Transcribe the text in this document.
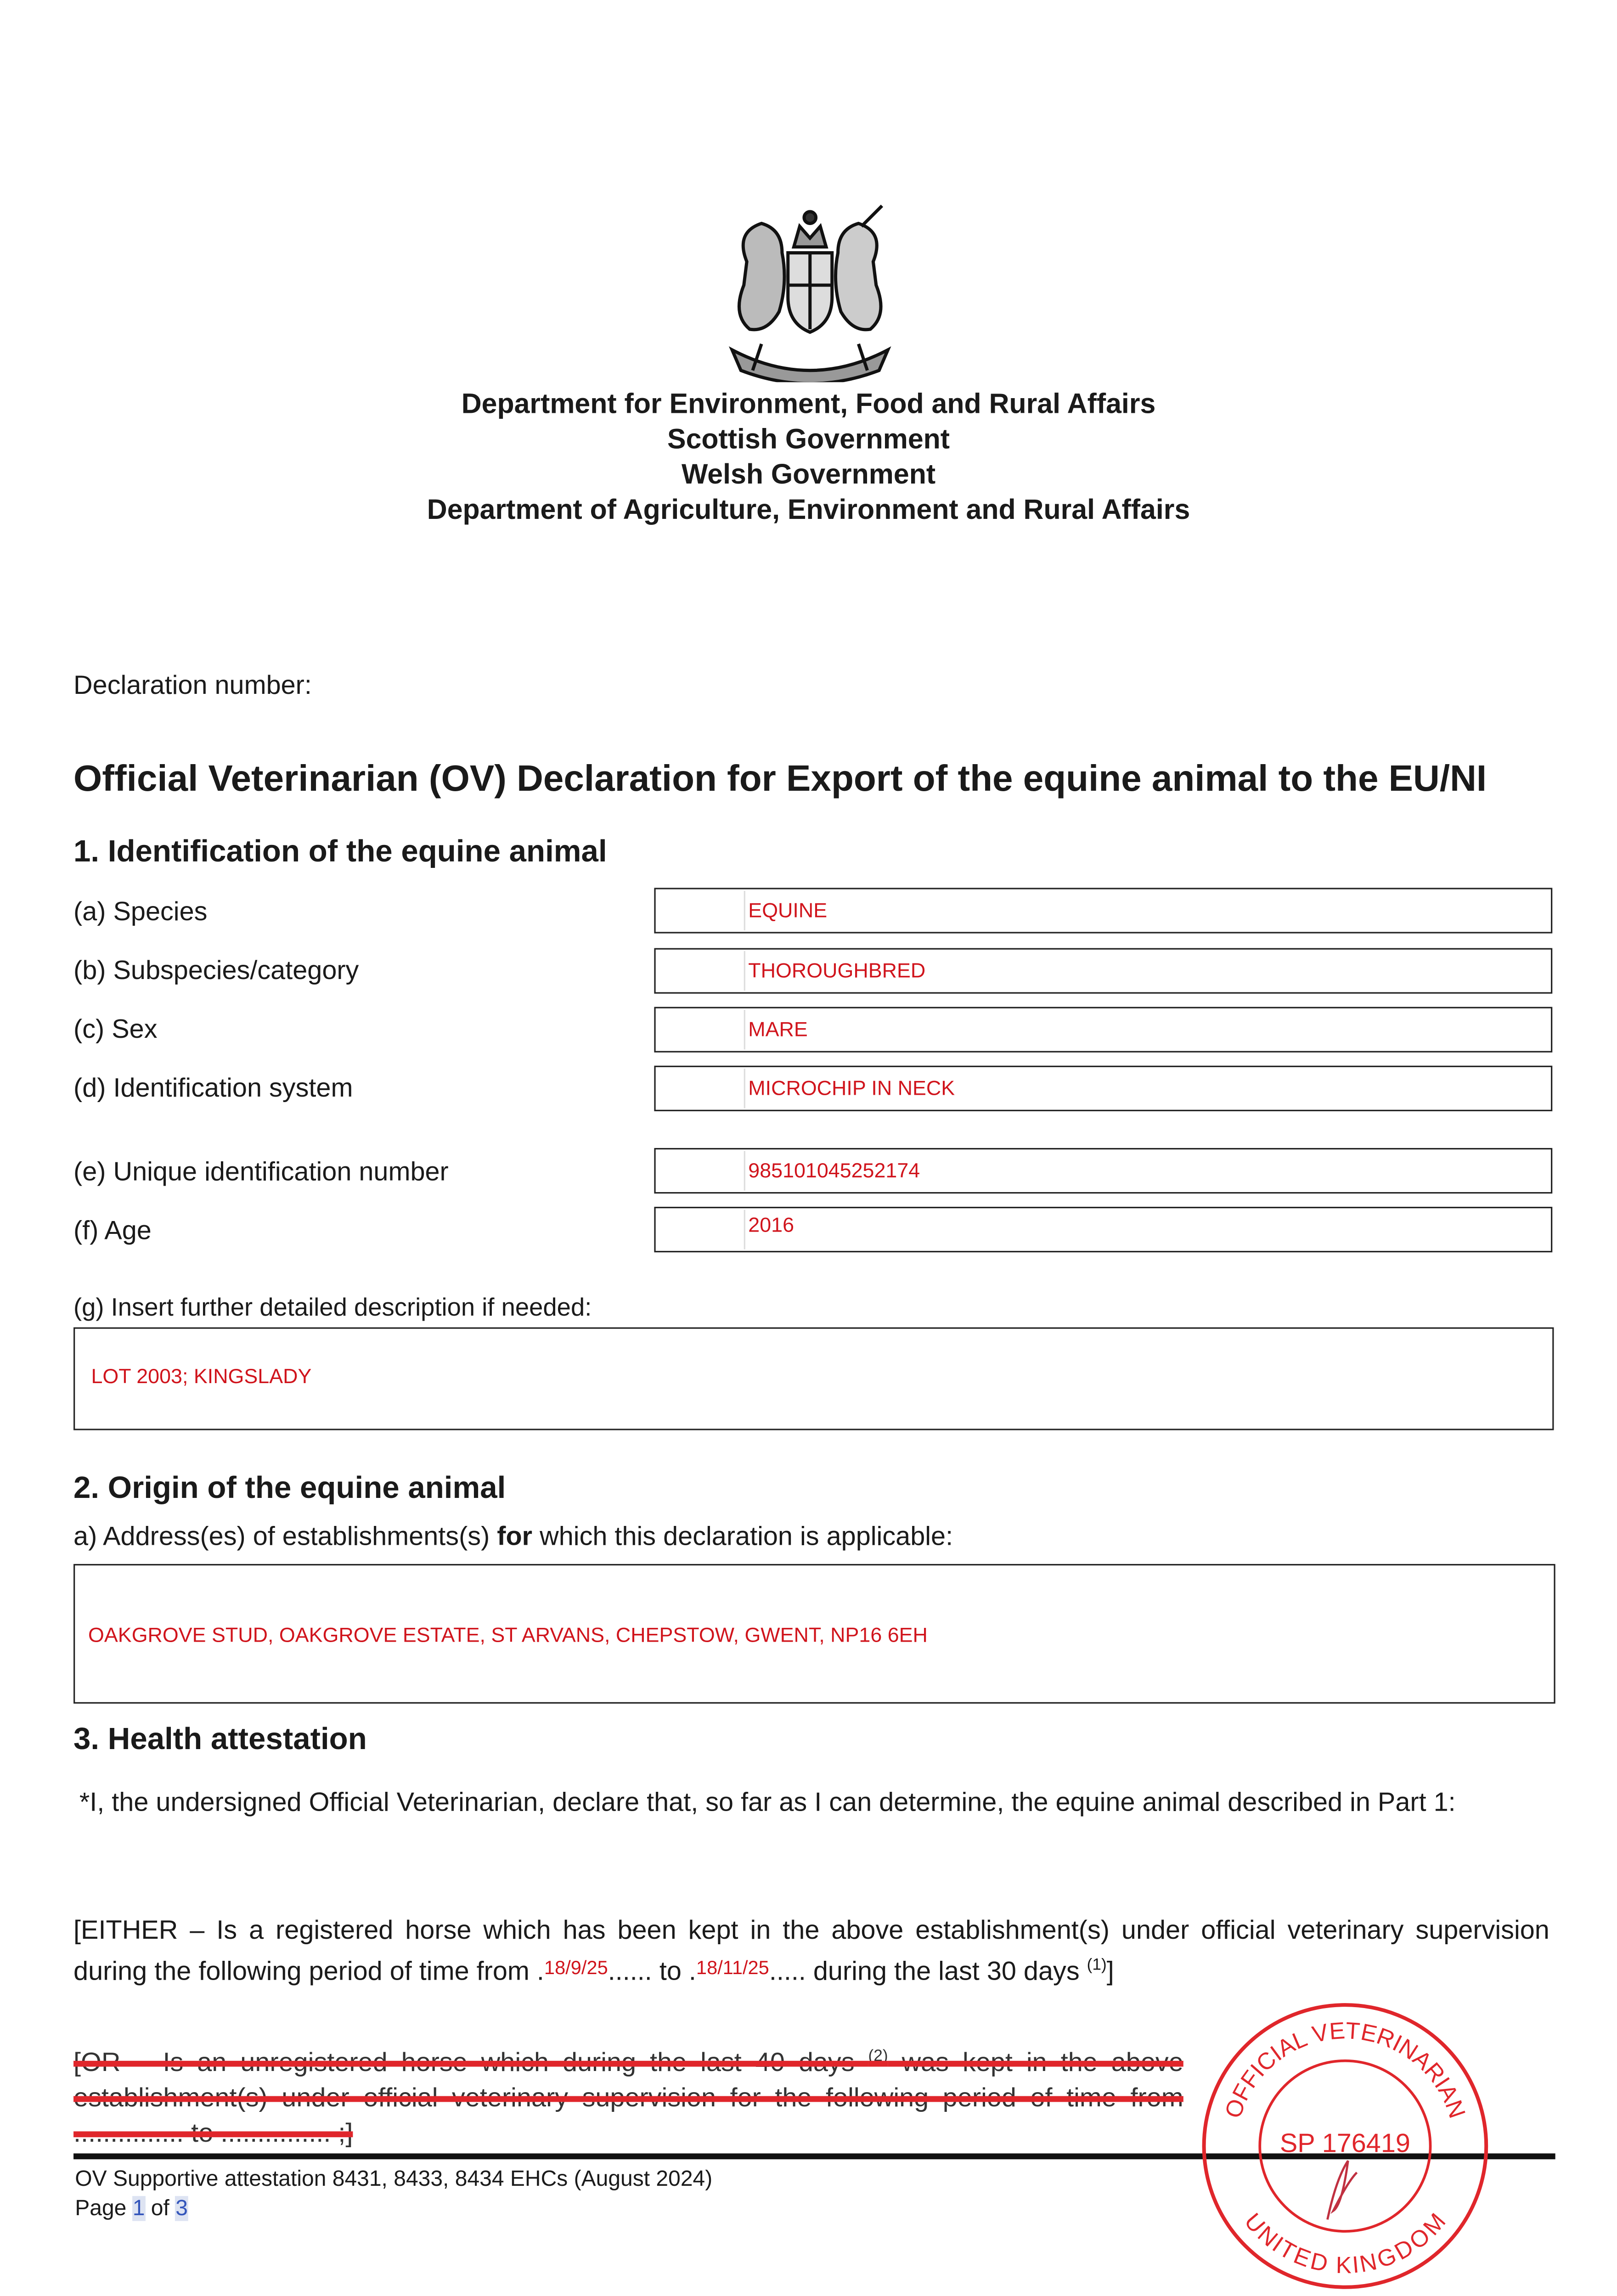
Department for Environment, Food and Rural Affairs
Scottish Government
Welsh Government
Department of Agriculture, Environment and Rural Affairs
Declaration number:
Official Veterinarian (OV) Declaration for Export of the equine animal to the EU/NI
1. Identification of the equine animal
(a) Species	EQUINE
(b) Subspecies/category	THOROUGHBRED
(c) Sex	MARE
(d) Identification system	MICROCHIP IN NECK
(e) Unique identification number	985101045252174
(f) Age	2016
(g) Insert further detailed description if needed:
LOT 2003; KINGSLADY
2. Origin of the equine animal
a) Address(es) of establishments(s) for which this declaration is applicable:
OAKGROVE STUD, OAKGROVE ESTATE, ST ARVANS, CHEPSTOW, GWENT, NP16 6EH
3. Health attestation
*I, the undersigned Official Veterinarian, declare that, so far as I can determine, the equine animal described in Part 1:
[EITHER – Is a registered horse which has been kept in the above establishment(s) under official veterinary supervision during the following period of time from .$^{18/9/25}$...... to .$^{18/11/25}$..... during the last 30 days $^{(1)}$]
[OR – Is an unregistered horse which during the last 40 days $^{(2)}$ was kept in the above establishment(s) under official veterinary supervision for the following period of time from ............... to ............... ;]
OV Supportive attestation 8431, 8433, 8434 EHCs (August 2024)
Page 1 of 3
OFFICIAL VETERINARIAN
UNITED KINGDOM
SP 176419
